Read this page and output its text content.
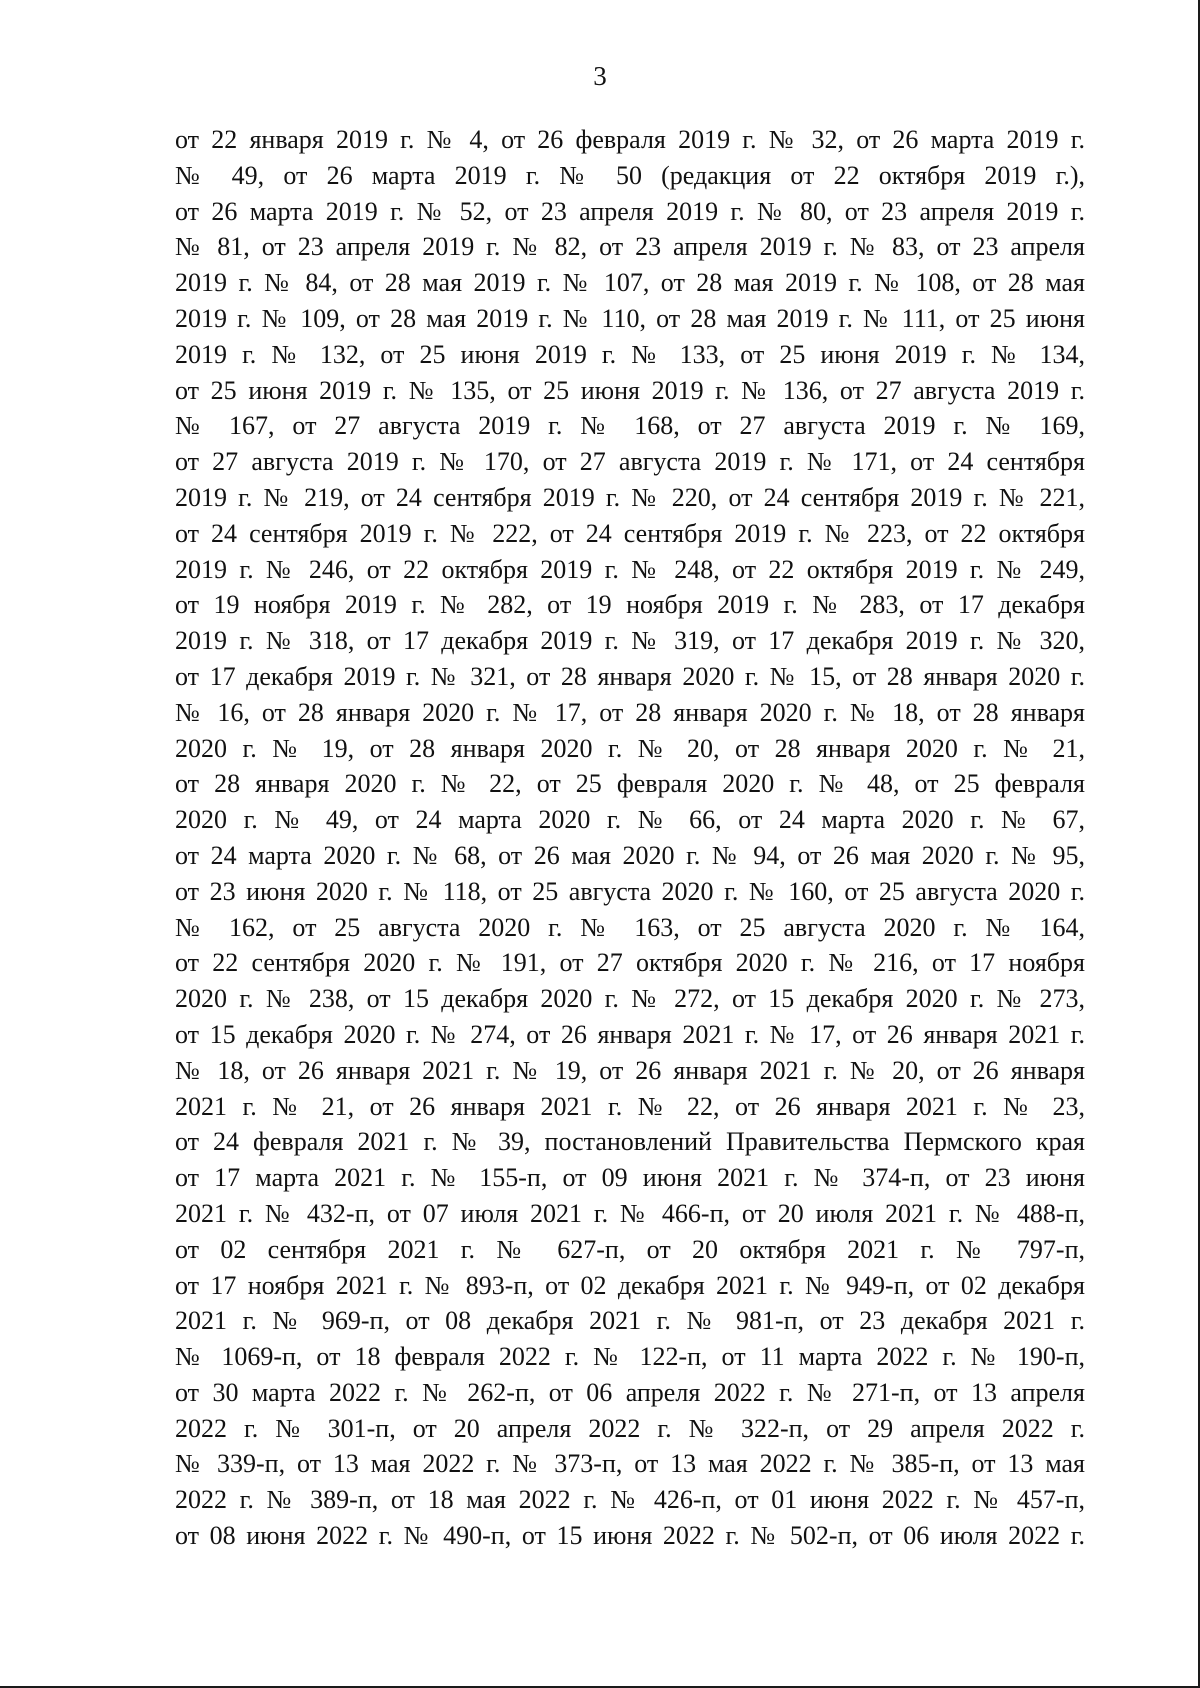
3
от 22 января 2019 г. № 4, от 26 февраля 2019 г. № 32, от 26 марта 2019 г.
№ 49, от 26 марта 2019 г. № 50 (редакция от 22 октября 2019 г.),
от 26 марта 2019 г. № 52, от 23 апреля 2019 г. № 80, от 23 апреля 2019 г.
№ 81, от 23 апреля 2019 г. № 82, от 23 апреля 2019 г. № 83, от 23 апреля
2019 г. № 84, от 28 мая 2019 г. № 107, от 28 мая 2019 г. № 108, от 28 мая
2019 г. № 109, от 28 мая 2019 г. № 110, от 28 мая 2019 г. № 111, от 25 июня
2019 г. № 132, от 25 июня 2019 г. № 133, от 25 июня 2019 г. № 134,
от 25 июня 2019 г. № 135, от 25 июня 2019 г. № 136, от 27 августа 2019 г.
№ 167, от 27 августа 2019 г. № 168, от 27 августа 2019 г. № 169,
от 27 августа 2019 г. № 170, от 27 августа 2019 г. № 171, от 24 сентября
2019 г. № 219, от 24 сентября 2019 г. № 220, от 24 сентября 2019 г. № 221,
от 24 сентября 2019 г. № 222, от 24 сентября 2019 г. № 223, от 22 октября
2019 г. № 246, от 22 октября 2019 г. № 248, от 22 октября 2019 г. № 249,
от 19 ноября 2019 г. № 282, от 19 ноября 2019 г. № 283, от 17 декабря
2019 г. № 318, от 17 декабря 2019 г. № 319, от 17 декабря 2019 г. № 320,
от 17 декабря 2019 г. № 321, от 28 января 2020 г. № 15, от 28 января 2020 г.
№ 16, от 28 января 2020 г. № 17, от 28 января 2020 г. № 18, от 28 января
2020 г. № 19, от 28 января 2020 г. № 20, от 28 января 2020 г. № 21,
от 28 января 2020 г. № 22, от 25 февраля 2020 г. № 48, от 25 февраля
2020 г. № 49, от 24 марта 2020 г. № 66, от 24 марта 2020 г. № 67,
от 24 марта 2020 г. № 68, от 26 мая 2020 г. № 94, от 26 мая 2020 г. № 95,
от 23 июня 2020 г. № 118, от 25 августа 2020 г. № 160, от 25 августа 2020 г.
№ 162, от 25 августа 2020 г. № 163, от 25 августа 2020 г. № 164,
от 22 сентября 2020 г. № 191, от 27 октября 2020 г. № 216, от 17 ноября
2020 г. № 238, от 15 декабря 2020 г. № 272, от 15 декабря 2020 г. № 273,
от 15 декабря 2020 г. № 274, от 26 января 2021 г. № 17, от 26 января 2021 г.
№ 18, от 26 января 2021 г. № 19, от 26 января 2021 г. № 20, от 26 января
2021 г. № 21, от 26 января 2021 г. № 22, от 26 января 2021 г. № 23,
от 24 февраля 2021 г. № 39, постановлений Правительства Пермского края
от 17 марта 2021 г. № 155-п, от 09 июня 2021 г. № 374-п, от 23 июня
2021 г. № 432-п, от 07 июля 2021 г. № 466-п, от 20 июля 2021 г. № 488-п,
от 02 сентября 2021 г. № 627-п, от 20 октября 2021 г. № 797-п,
от 17 ноября 2021 г. № 893-п, от 02 декабря 2021 г. № 949-п, от 02 декабря
2021 г. № 969-п, от 08 декабря 2021 г. № 981-п, от 23 декабря 2021 г.
№ 1069-п, от 18 февраля 2022 г. № 122-п, от 11 марта 2022 г. № 190-п,
от 30 марта 2022 г. № 262-п, от 06 апреля 2022 г. № 271-п, от 13 апреля
2022 г. № 301-п, от 20 апреля 2022 г. № 322-п, от 29 апреля 2022 г.
№ 339-п, от 13 мая 2022 г. № 373-п, от 13 мая 2022 г. № 385-п, от 13 мая
2022 г. № 389-п, от 18 мая 2022 г. № 426-п, от 01 июня 2022 г. № 457-п,
от 08 июня 2022 г. № 490-п, от 15 июня 2022 г. № 502-п, от 06 июля 2022 г.
